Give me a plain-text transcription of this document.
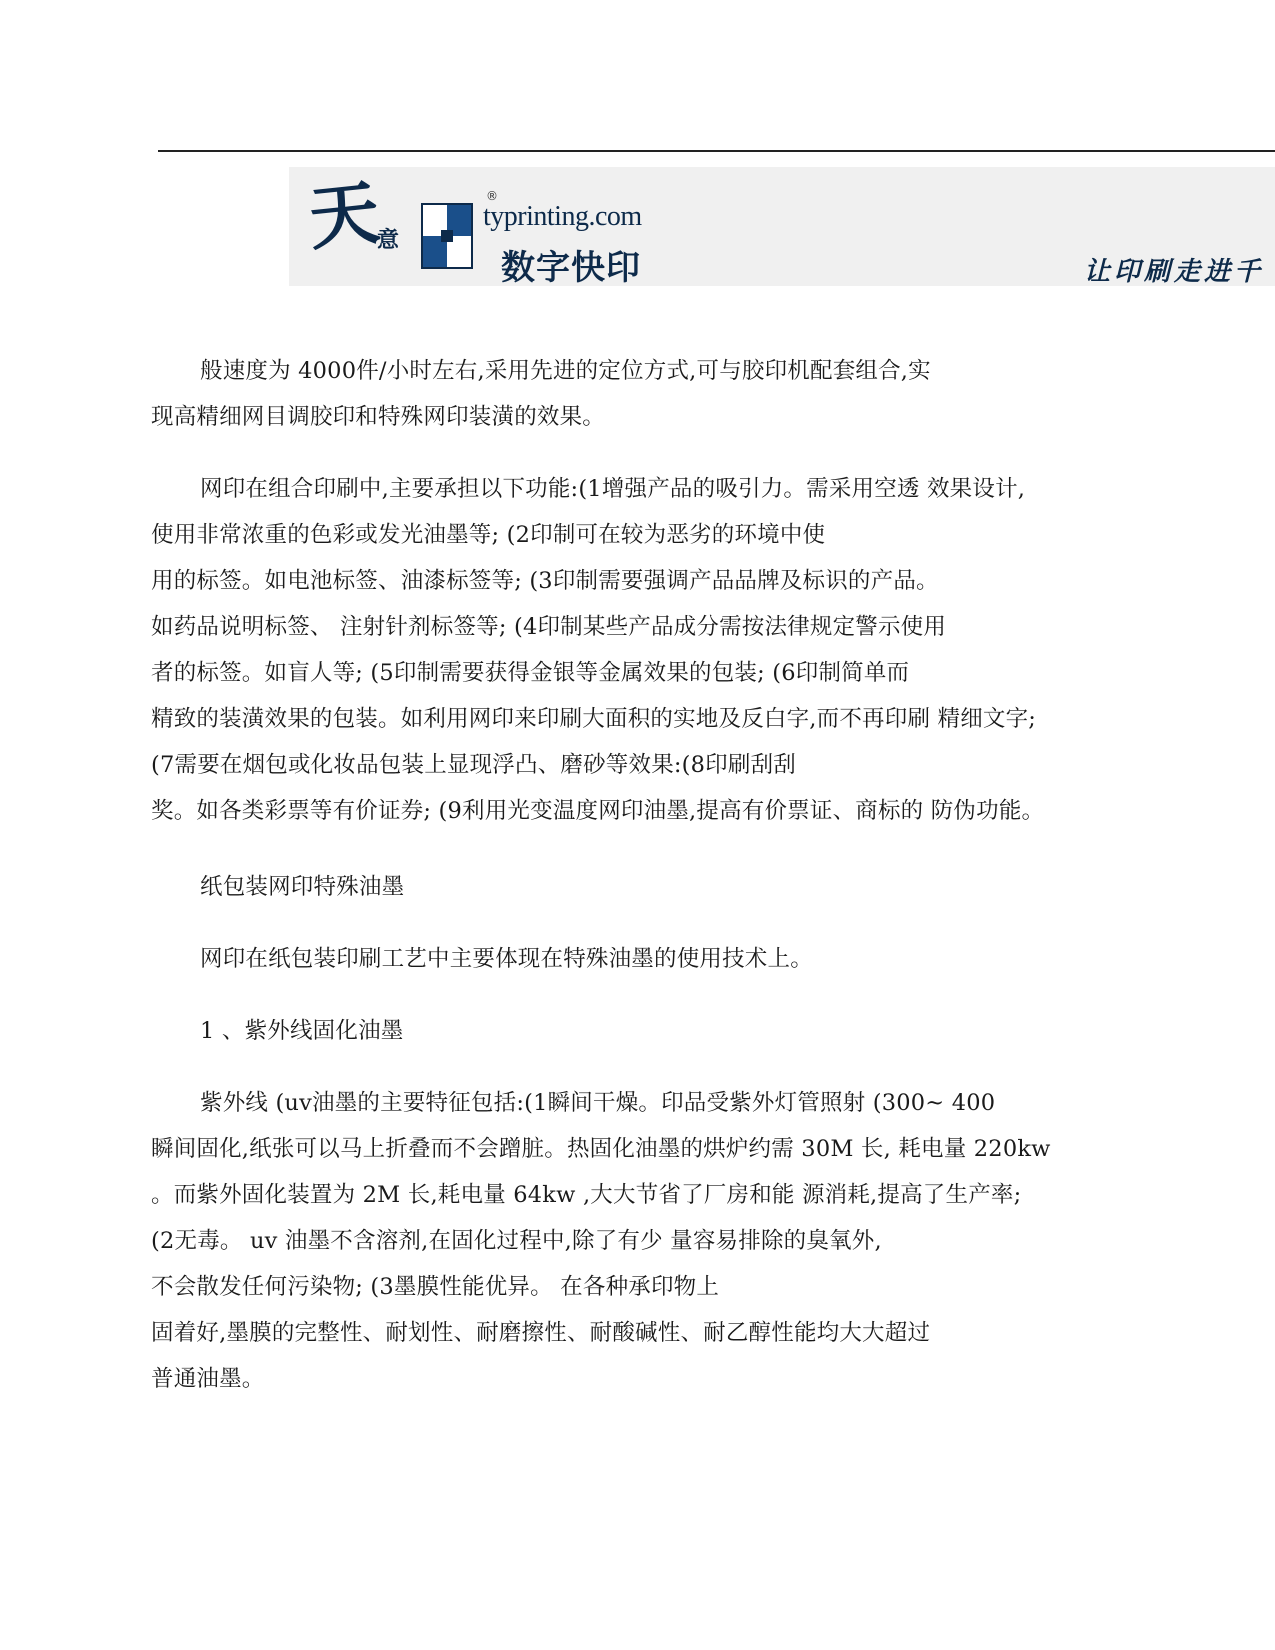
天
意
®
typrinting.com
数字快印	让印刷走进千
般速度为 4000件/小时左右,采用先进的定位方式,可与胶印机配套组合,实
现高精细网目调胶印和特殊网印装潢的效果。
网印在组合印刷中,主要承担以下功能:(1增强产品的吸引力。需采用空透 效果设计,
使用非常浓重的色彩或发光油墨等; (2印制可在较为恶劣的环境中使
用的标签。如电池标签、油漆标签等; (3印制需要强调产品品牌及标识的产品。
如药品说明标签、 注射针剂标签等; (4印制某些产品成分需按法律规定警示使用
者的标签。如盲人等; (5印制需要获得金银等金属效果的包装; (6印制简单而
精致的装潢效果的包装。如利用网印来印刷大面积的实地及反白字,而不再印刷 精细文字;
(7需要在烟包或化妆品包装上显现浮凸、磨砂等效果:(8印刷刮刮
奖。如各类彩票等有价证券; (9利用光变温度网印油墨,提高有价票证、商标的 防伪功能。
纸包装网印特殊油墨
网印在纸包装印刷工艺中主要体现在特殊油墨的使用技术上。
1 、紫外线固化油墨
紫外线 (uv油墨的主要特征包括:(1瞬间干燥。印品受紫外灯管照射 (300~ 400
瞬间固化,纸张可以马上折叠而不会蹭脏。热固化油墨的烘炉约需 30M 长, 耗电量 220kw
。而紫外固化装置为 2M 长,耗电量 64kw ,大大节省了厂房和能 源消耗,提高了生产率;
(2无毒。 uv 油墨不含溶剂,在固化过程中,除了有少 量容易排除的臭氧外,
不会散发任何污染物; (3墨膜性能优异。 在各种承印物上
固着好,墨膜的完整性、耐划性、耐磨擦性、耐酸碱性、耐乙醇性能均大大超过
普通油墨。
